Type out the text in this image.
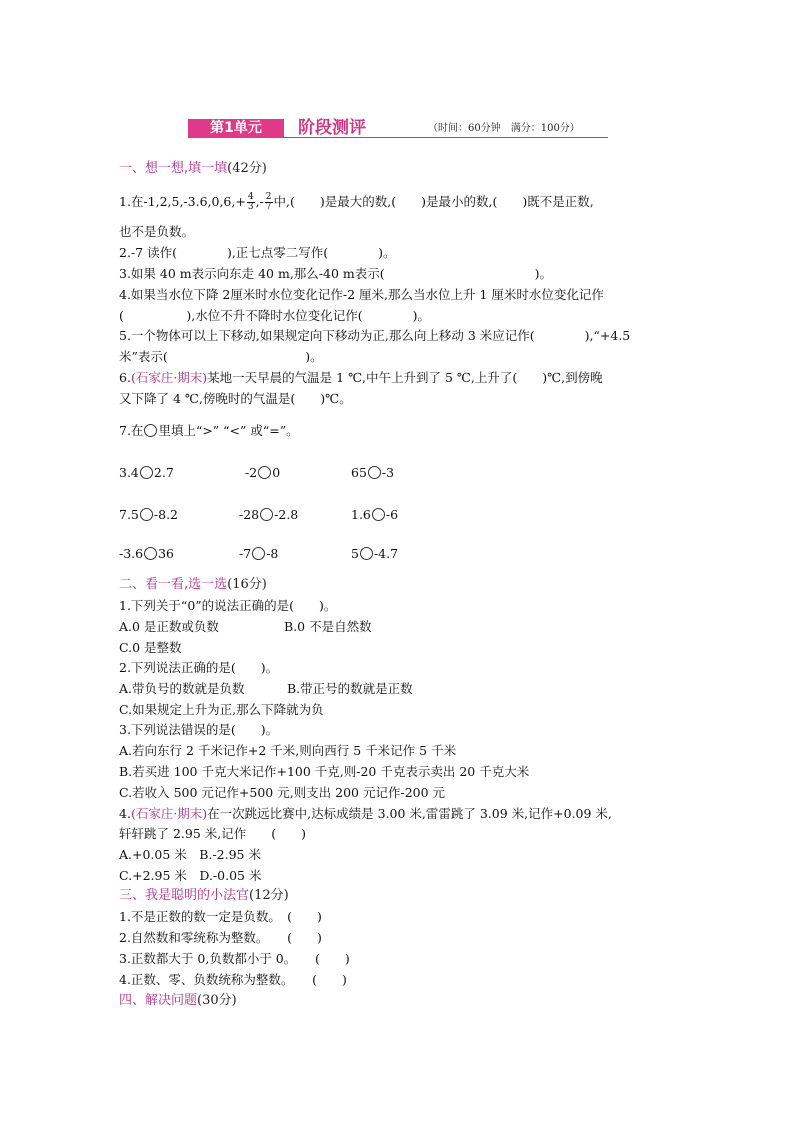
第1单元	阶段测评	（时间：60分钟　满分：100分）
一、想一想,填一填(42分)
1.在$-1,2,5,-3.6,0,6,+ \frac{4}{3}$ ,- $\frac{2}{7}$ 中,(　　)是最大的数,(　　)是最小的数,(　　)既不是正数,
也不是负数。
2.-7 读作(　　　　),正七点零二写作(　　　　)。
3.如果 40 m表示向东走 40 m,那么-40 m表示(　　　　　　　　　　　　)。
4.如果当水位下降 2厘米时水位变化记作-2 厘米,那么当水位上升 1 厘米时水位变化记作
(　　　　　),水位不升不降时水位变化记作(　　　　)。
5.一个物体可以上下移动,如果规定向下移动为正,那么向上移动 3 米应记作(　　　　),“+4.5
米”表示(　　　　　　　　　　　)。
6.(石家庄·期末)某地一天早晨的气温是 1 ℃,中午上升到了 5 ℃,上升了(　　)℃,到傍晚
又下降了 4 ℃,傍晚时的气温是(　　)℃。
7.在 里填上“>” “<” 或“=”。
3.4 2.7	-2 0	65 -3
7.5 -8.2	-28 -2.8	1.6 -6
-3.6 36	-7 -8	5 -4.7
二、看一看,选一选(16分)
1.下列关于“0”的说法正确的是(　　)。
A.0 是正数或负数	B.0 不是自然数
C.0 是整数
2.下列说法正确的是(　　)。
A.带负号的数就是负数	B.带正号的数就是正数
C.如果规定上升为正,那么下降就为负
3.下列说法错误的是(　　)。
A.若向东行 2 千米记作+2 千米,则向西行 5 千米记作 5 千米
B.若买进 100 千克大米记作+100 千克,则-20 千克表示卖出 20 千克大米
C.若收入 500 元记作+500 元,则支出 200 元记作-200 元
4.(石家庄·期末)在一次跳远比赛中,达标成绩是 3.00 米,雷雷跳了 3.09 米,记作+0.09 米,
轩轩跳了 2.95 米,记作　　(　　)
A.+0.05 米　B.-2.95 米
C.+2.95 米　D.-0.05 米
三、我是聪明的小法官(12分)
1.不是正数的数一定是负数。　(　　)
2.自然数和零统称为整数。　　(　　)
3.正数都大于 0,负数都小于 0。　　(　　)
4.正数、零、负数统称为整数。　　(　　)
四、解决问题(30分)
